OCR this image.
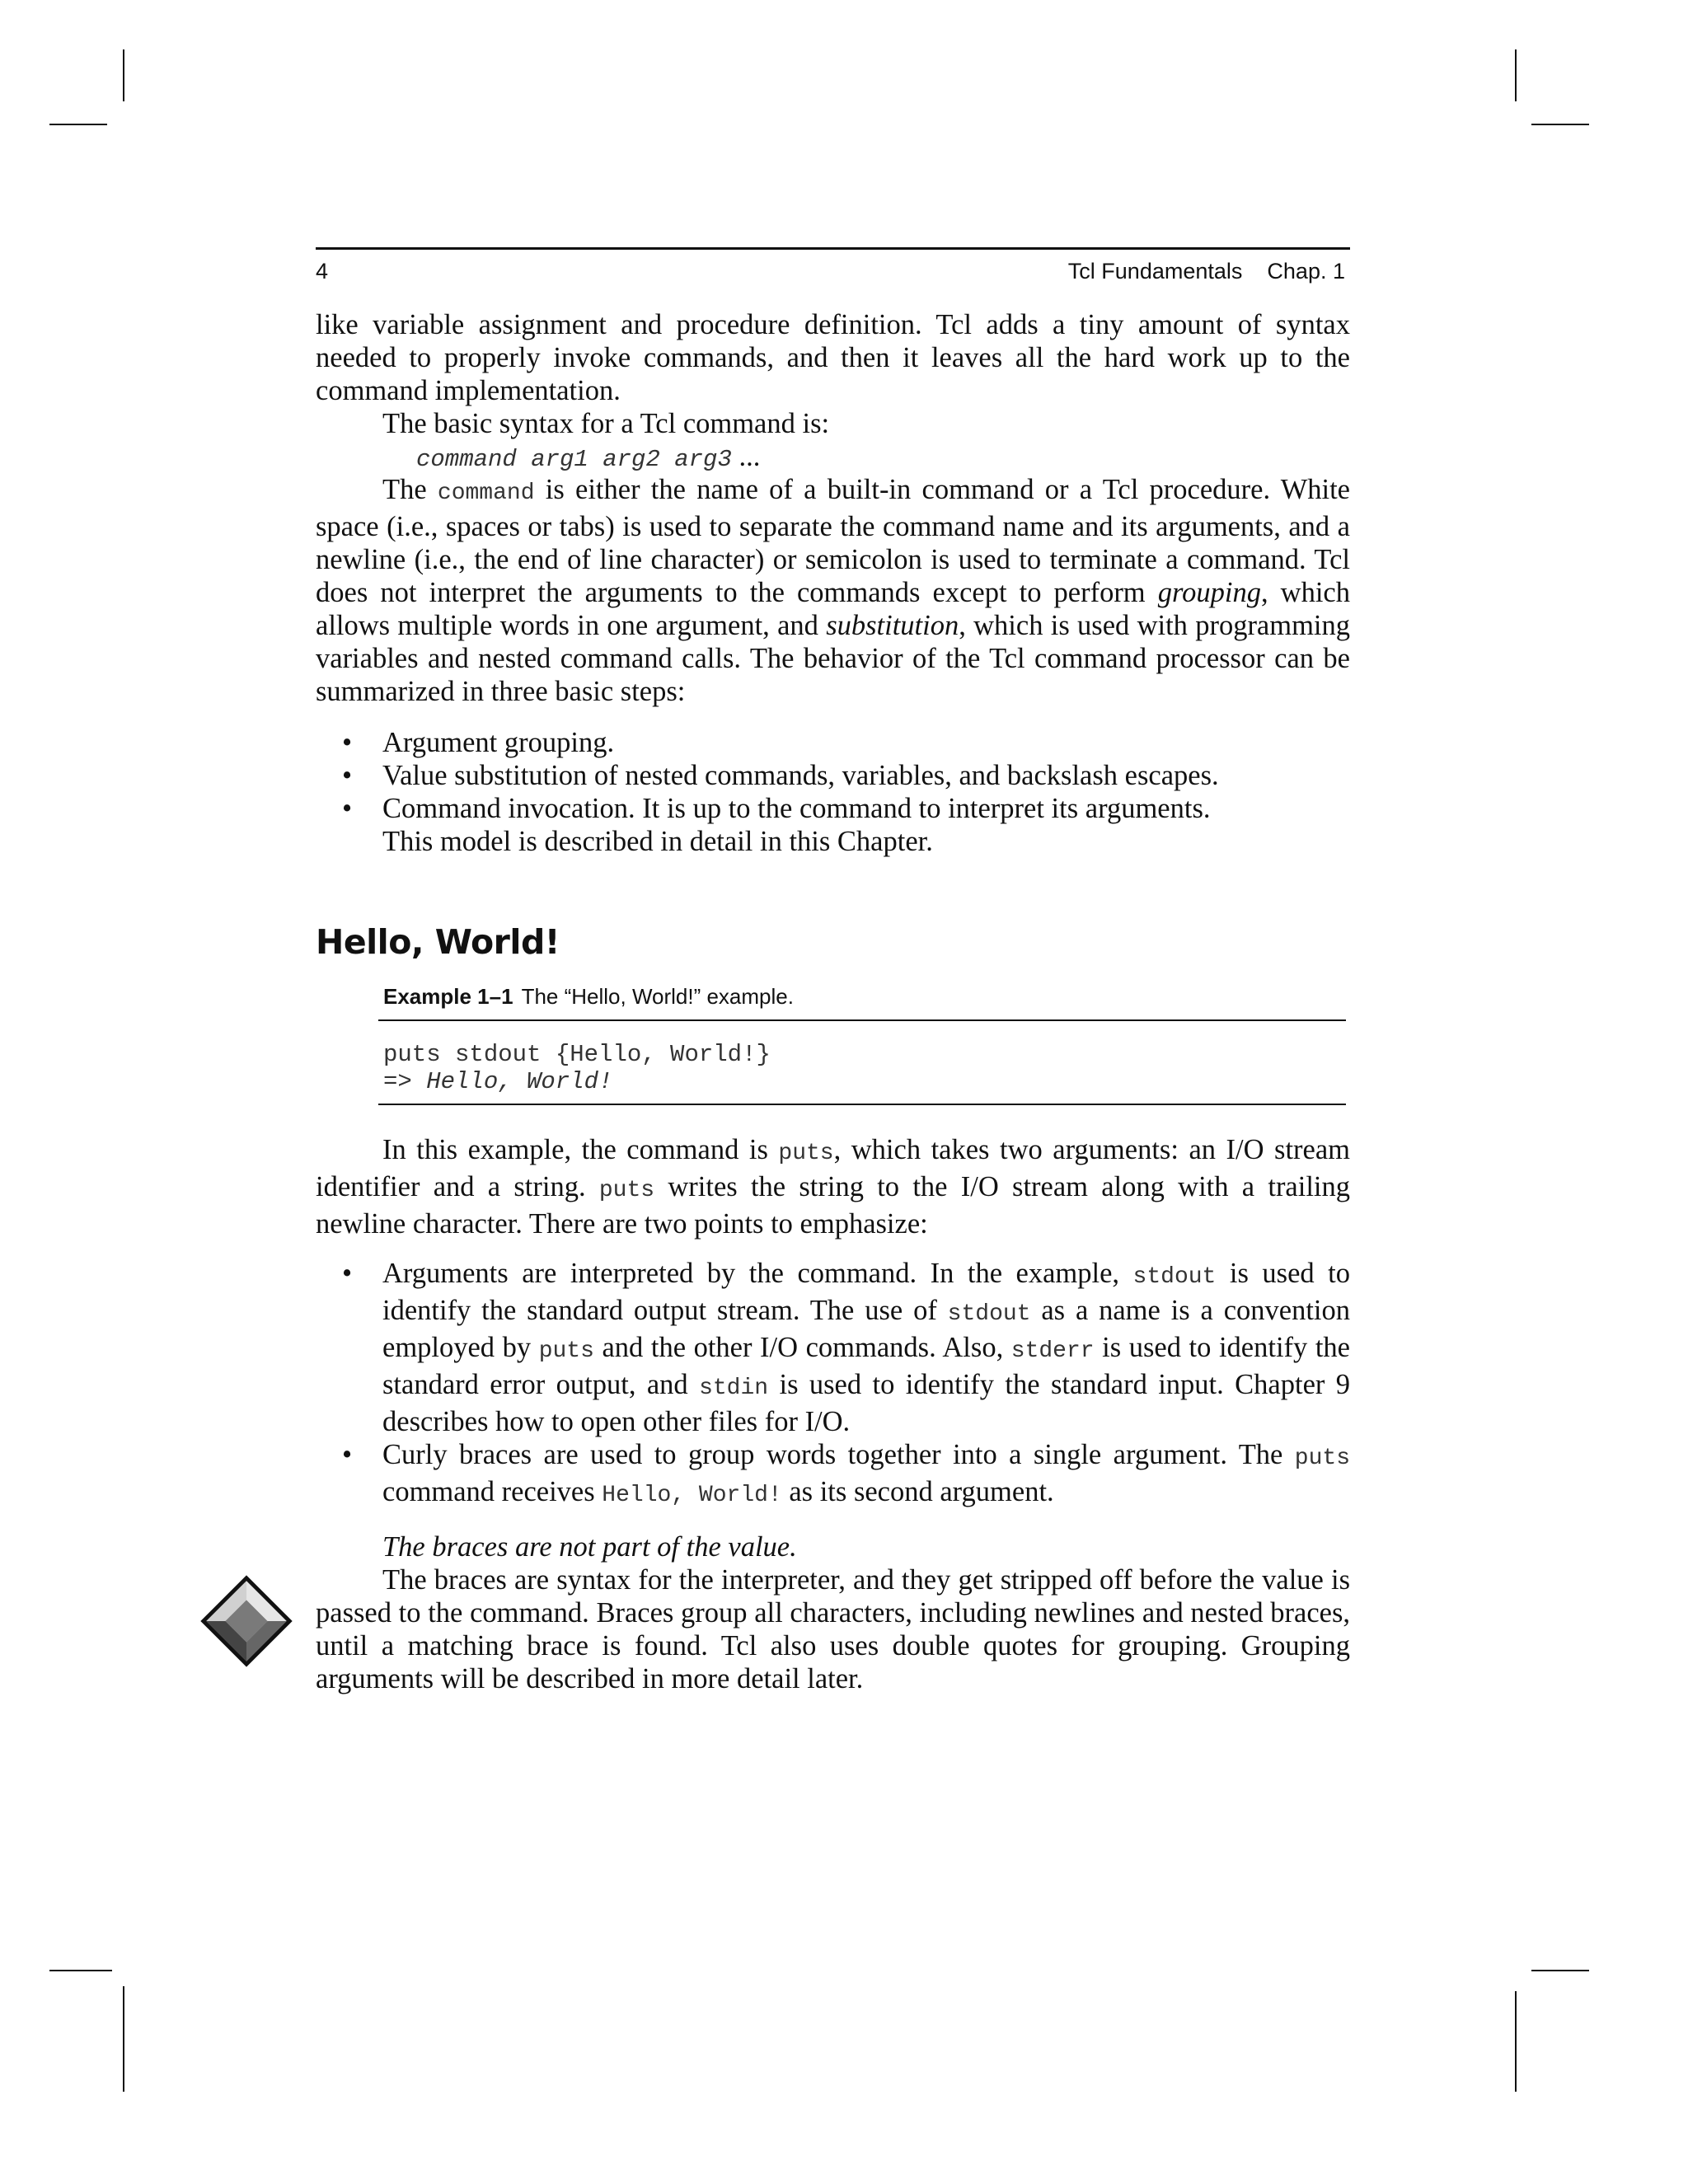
4	Tcl Fundamentals Chap. 1

like variable assignment and procedure definition. Tcl adds a tiny amount of syntax needed to properly invoke commands, and then it leaves all the hard work up to the command implementation.

The basic syntax for a Tcl command is:

command arg1 arg2 arg3 ...

The command is either the name of a built-in command or a Tcl procedure. White space (i.e., spaces or tabs) is used to separate the command name and its arguments, and a newline (i.e., the end of line character) or semicolon is used to terminate a command. Tcl does not interpret the arguments to the commands except to perform grouping, which allows multiple words in one argument, and substitution, which is used with programming variables and nested command calls. The behavior of the Tcl command processor can be summarized in three basic steps:

• Argument grouping.
• Value substitution of nested commands, variables, and backslash escapes.
• Command invocation. It is up to the command to interpret its arguments.

This model is described in detail in this Chapter.

Hello, World!
Example 1–1 The “Hello, World!” example.
puts stdout {Hello, World!}
=> Hello, World!

In this example, the command is puts, which takes two arguments: an I/O stream identifier and a string. puts writes the string to the I/O stream along with a trailing newline character. There are two points to emphasize:

• Arguments are interpreted by the command. In the example, stdout is used to identify the standard output stream. The use of stdout as a name is a convention employed by puts and the other I/O commands. Also, stderr is used to identify the standard error output, and stdin is used to identify the standard input. Chapter 9 describes how to open other files for I/O.
• Curly braces are used to group words together into a single argument. The puts command receives Hello, World! as its second argument.

The braces are not part of the value.

The braces are syntax for the interpreter, and they get stripped off before the value is passed to the command. Braces group all characters, including newlines and nested braces, until a matching brace is found. Tcl also uses double quotes for grouping. Grouping arguments will be described in more detail later.
